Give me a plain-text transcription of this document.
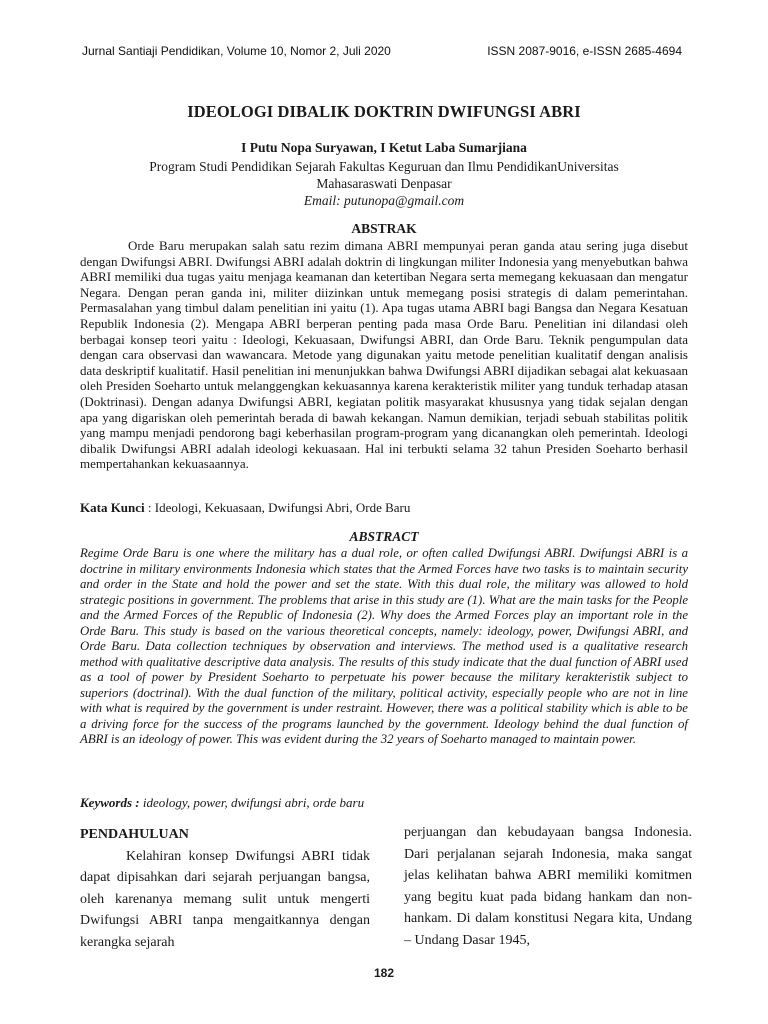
Jurnal Santiaji Pendidikan, Volume 10, Nomor 2, Juli 2020	ISSN 2087-9016, e-ISSN 2685-4694
IDEOLOGI DIBALIK DOKTRIN DWIFUNGSI ABRI
I Putu Nopa Suryawan, I Ketut Laba Sumarjiana
Program Studi Pendidikan Sejarah Fakultas Keguruan dan Ilmu PendidikanUniversitas Mahasaraswati Denpasar
Email: putunopa@gmail.com
ABSTRAK

Orde Baru merupakan salah satu rezim dimana ABRI mempunyai peran ganda atau sering juga disebut dengan Dwifungsi ABRI. Dwifungsi ABRI adalah doktrin di lingkungan militer Indonesia yang menyebutkan bahwa ABRI memiliki dua tugas yaitu menjaga keamanan dan ketertiban Negara serta memegang kekuasaan dan mengatur Negara. Dengan peran ganda ini, militer diizinkan untuk memegang posisi strategis di dalam pemerintahan. Permasalahan yang timbul dalam penelitian ini yaitu (1). Apa tugas utama ABRI bagi Bangsa dan Negara Kesatuan Republik Indonesia (2). Mengapa ABRI berperan penting pada masa Orde Baru. Penelitian ini dilandasi oleh berbagai konsep teori yaitu : Ideologi, Kekuasaan, Dwifungsi ABRI, dan Orde Baru. Teknik pengumpulan data dengan cara observasi dan wawancara. Metode yang digunakan yaitu metode penelitian kualitatif dengan analisis data deskriptif kualitatif. Hasil penelitian ini menunjukkan bahwa Dwifungsi ABRI dijadikan sebagai alat kekuasaan oleh Presiden Soeharto untuk melanggengkan kekuasannya karena kerakteristik militer yang tunduk terhadap atasan (Doktrinasi). Dengan adanya Dwifungsi ABRI, kegiatan politik masyarakat khususnya yang tidak sejalan dengan apa yang digariskan oleh pemerintah berada di bawah kekangan. Namun demikian, terjadi sebuah stabilitas politik yang mampu menjadi pendorong bagi keberhasilan program-program yang dicanangkan oleh pemerintah. Ideologi dibalik Dwifungsi ABRI adalah ideologi kekuasaan. Hal ini terbukti selama 32 tahun Presiden Soeharto berhasil mempertahankan kekuasaannya.

Kata Kunci : Ideologi, Kekuasaan, Dwifungsi Abri, Orde Baru
ABSTRACT

Regime Orde Baru is one where the military has a dual role, or often called Dwifungsi ABRI. Dwifungsi ABRI is a doctrine in military environments Indonesia which states that the Armed Forces have two tasks is to maintain security and order in the State and hold the power and set the state. With this dual role, the military was allowed to hold strategic positions in government. The problems that arise in this study are (1). What are the main tasks for the People and the Armed Forces of the Republic of Indonesia (2). Why does the Armed Forces play an important role in the Orde Baru. This study is based on the various theoretical concepts, namely: ideology, power, Dwifungsi ABRI, and Orde Baru. Data collection techniques by observation and interviews. The method used is a qualitative research method with qualitative descriptive data analysis. The results of this study indicate that the dual function of ABRI used as a tool of power by President Soeharto to perpetuate his power because the military kerakteristik subject to superiors (doctrinal). With the dual function of the military, political activity, especially people who are not in line with what is required by the government is under restraint. However, there was a political stability which is able to be a driving force for the success of the programs launched by the government. Ideology behind the dual function of ABRI is an ideology of power. This was evident during the 32 years of Soeharto managed to maintain power.

Keywords : ideology, power, dwifungsi abri, orde baru
PENDAHULUAN

Kelahiran konsep Dwifungsi ABRI tidak dapat dipisahkan dari sejarah perjuangan bangsa, oleh karenanya memang sulit untuk mengerti Dwifungsi ABRI tanpa mengaitkannya dengan kerangka sejarah

perjuangan dan kebudayaan bangsa Indonesia. Dari perjalanan sejarah Indonesia, maka sangat jelas kelihatan bahwa ABRI memiliki komitmen yang begitu kuat pada bidang hankam dan non-hankam. Di dalam konstitusi Negara kita, Undang – Undang Dasar 1945,

182
